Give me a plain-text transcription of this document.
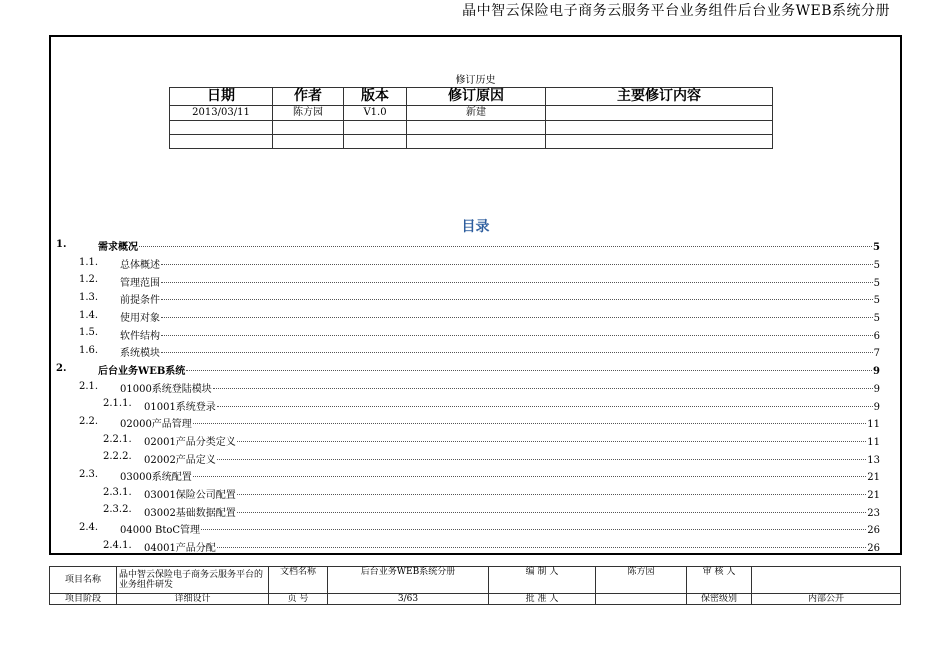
晶中智云保险电子商务云服务平台业务组件后台业务WEB系统分册
修订历史
日期	作者	版本	修订原因	主要修订内容
2013/03/11	陈方园	V1.0	新建	

目录
1.	需求概况	5
1.1. 总体概述	5
1.2. 管理范围	5
1.3. 前提条件	5
1.4. 使用对象	5
1.5. 软件结构	6
1.6. 系统模块	7
2.	后台业务WEB系统	9
2.1. 01000系统登陆模块	9
2.1.1. 01001系统登录	9
2.2. 02000产品管理	11
2.2.1. 02001产品分类定义	11
2.2.2. 02002产品定义	13
2.3. 03000系统配置	21
2.3.1. 03001保险公司配置	21
2.3.2. 03002基础数据配置	23
2.4. 04000 BtoC管理	26
2.4.1. 04001产品分配	26
项目名称	晶中智云保险电子商务云服务平台的业务组件研发	文档名称	后台业务WEB系统分册	编 制 人	陈方园	审 核 人	
项目阶段	详细设计	页 号	3/63	批 准 人		保密级别	内部公开
